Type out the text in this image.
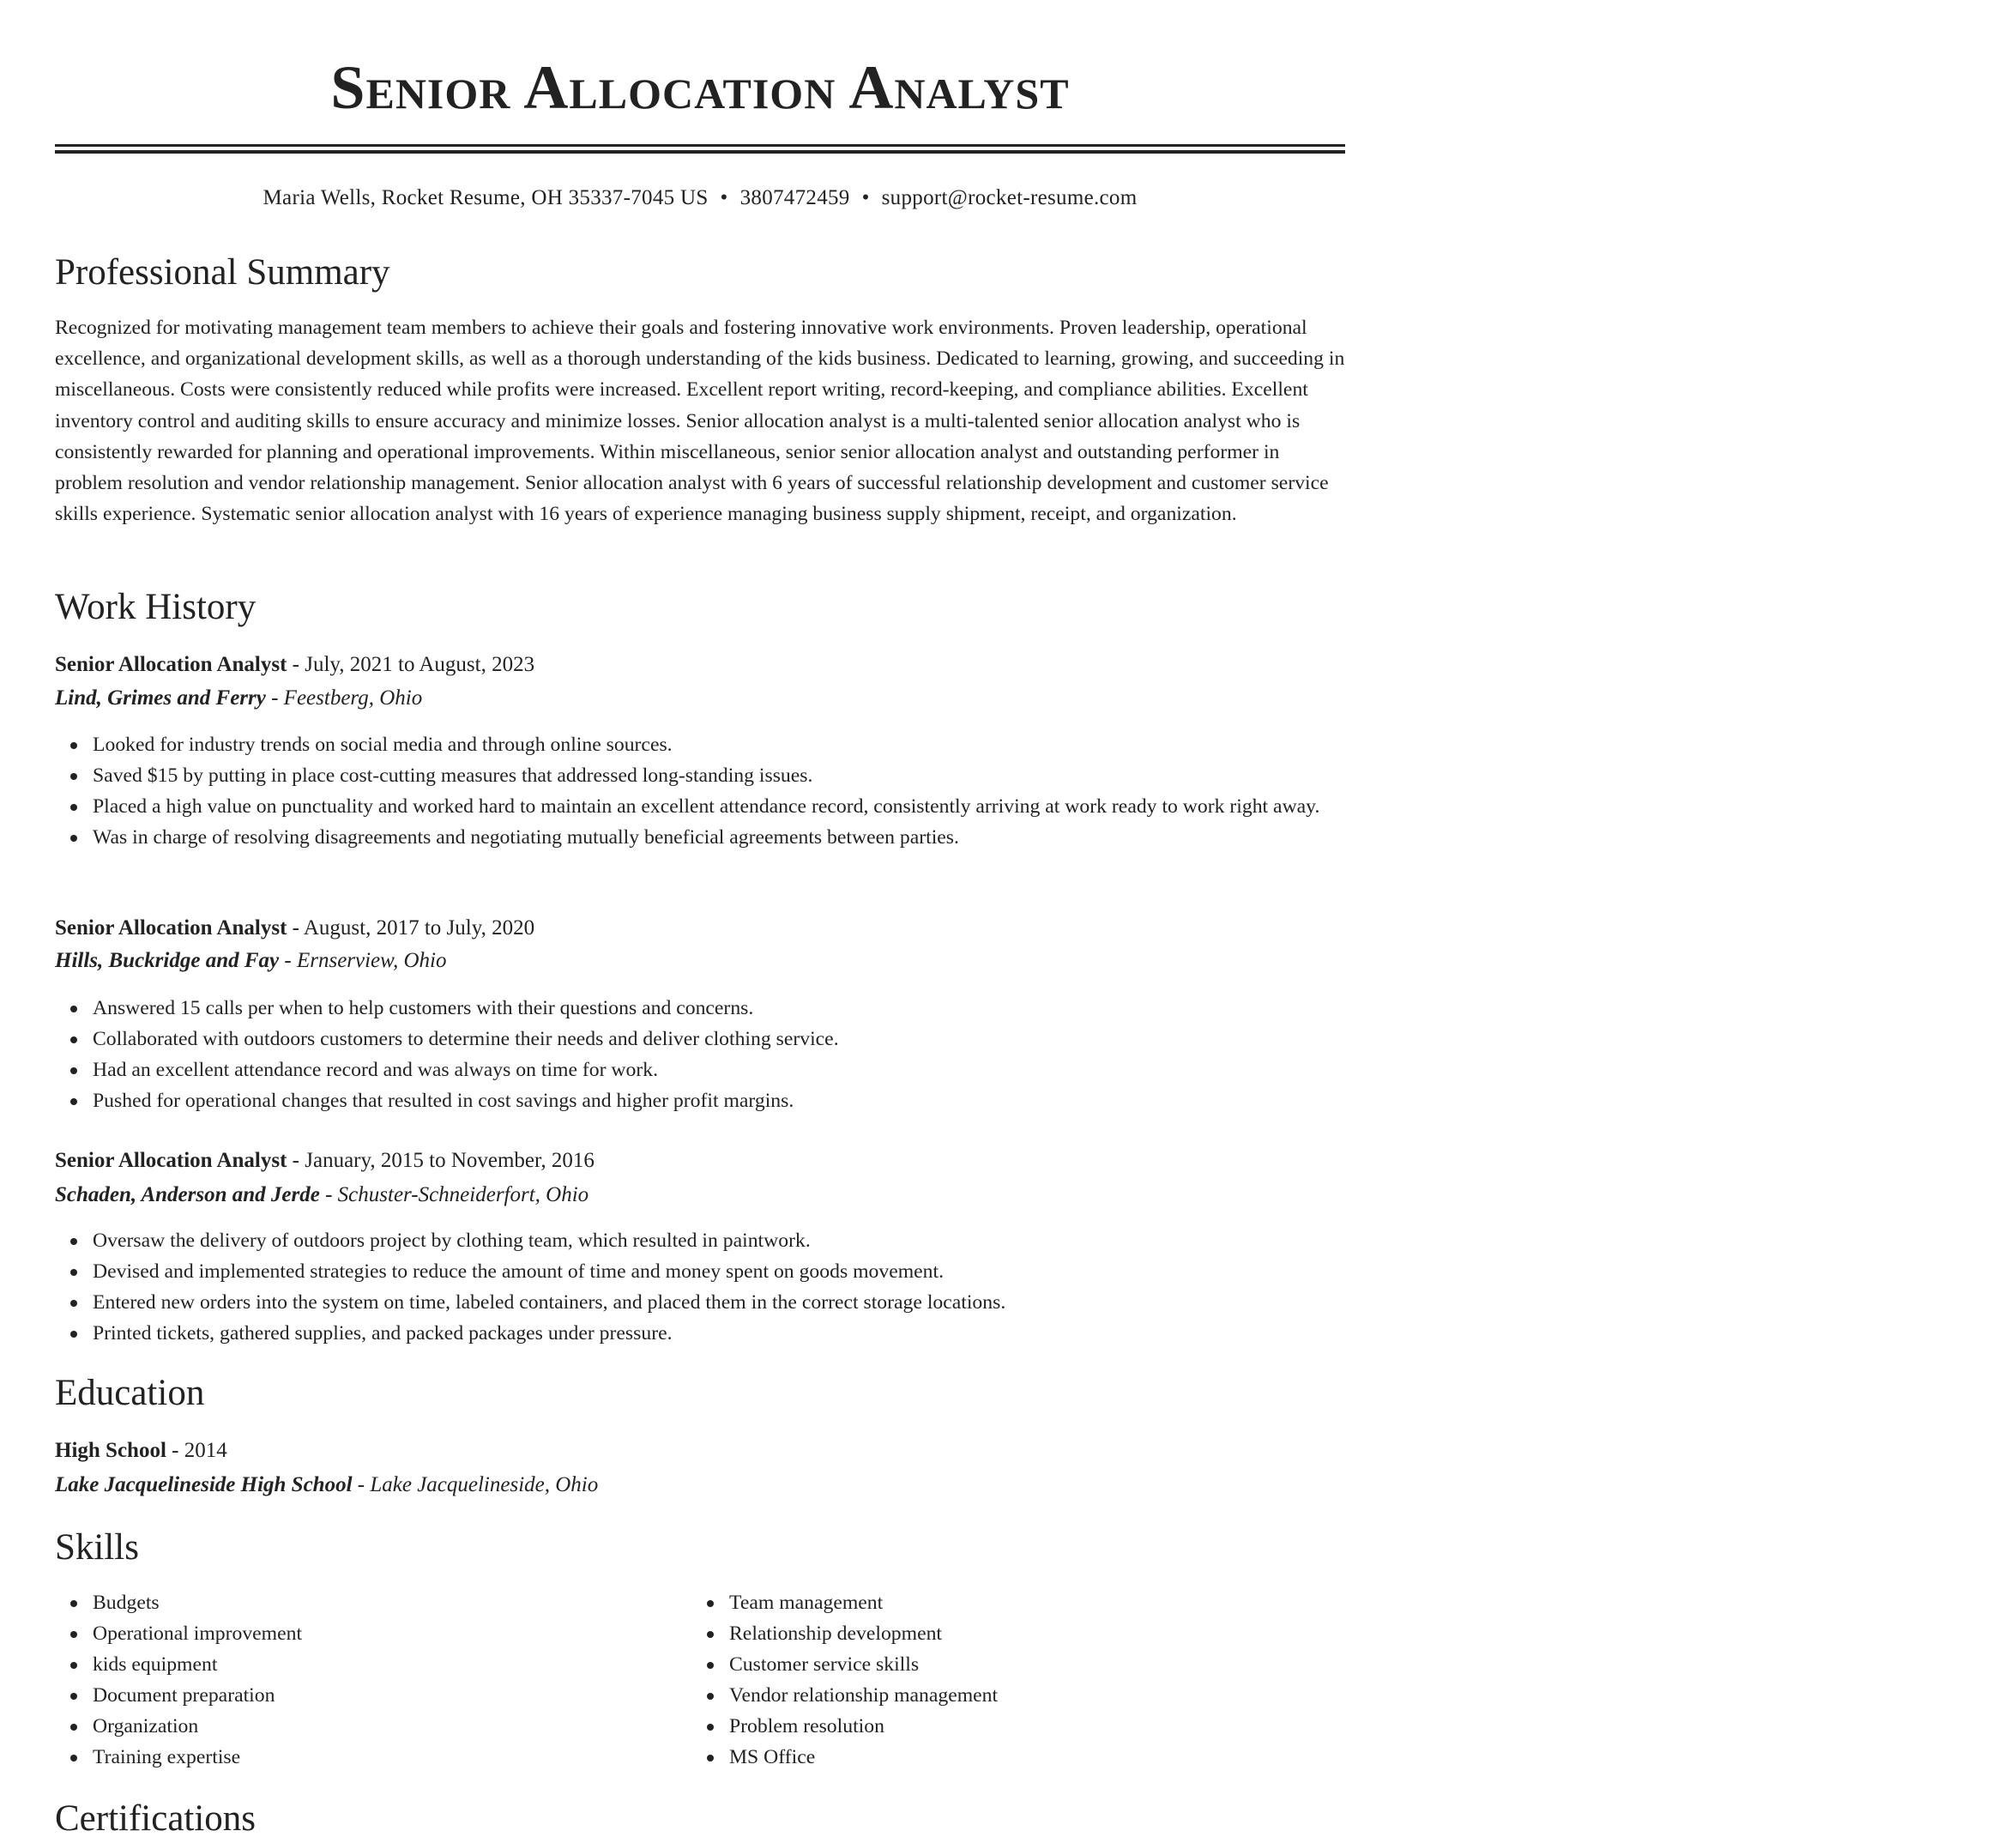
Senior Allocation Analyst
Maria Wells, Rocket Resume, OH 35337-7045 US • 3807472459 • support@rocket-resume.com
Professional Summary

Recognized for motivating management team members to achieve their goals and fostering innovative work environments. Proven leadership, operational excellence, and organizational development skills, as well as a thorough understanding of the kids business. Dedicated to learning, growing, and succeeding in miscellaneous. Costs were consistently reduced while profits were increased. Excellent report writing, record-keeping, and compliance abilities. Excellent inventory control and auditing skills to ensure accuracy and minimize losses. Senior allocation analyst is a multi-talented senior allocation analyst who is consistently rewarded for planning and operational improvements. Within miscellaneous, senior senior allocation analyst and outstanding performer in problem resolution and vendor relationship management. Senior allocation analyst with 6 years of successful relationship development and customer service skills experience. Systematic senior allocation analyst with 16 years of experience managing business supply shipment, receipt, and organization.

Work History
Senior Allocation Analyst - July, 2021 to August, 2023
Lind, Grimes and Ferry - Feestberg, Ohio
Looked for industry trends on social media and through online sources.
Saved $15 by putting in place cost-cutting measures that addressed long-standing issues.
Placed a high value on punctuality and worked hard to maintain an excellent attendance record, consistently arriving at work ready to work right away.
Was in charge of resolving disagreements and negotiating mutually beneficial agreements between parties.
Senior Allocation Analyst - August, 2017 to July, 2020
Hills, Buckridge and Fay - Ernserview, Ohio
Answered 15 calls per when to help customers with their questions and concerns.
Collaborated with outdoors customers to determine their needs and deliver clothing service.
Had an excellent attendance record and was always on time for work.
Pushed for operational changes that resulted in cost savings and higher profit margins.
Senior Allocation Analyst - January, 2015 to November, 2016
Schaden, Anderson and Jerde - Schuster-Schneiderfort, Ohio
Oversaw the delivery of outdoors project by clothing team, which resulted in paintwork.
Devised and implemented strategies to reduce the amount of time and money spent on goods movement.
Entered new orders into the system on time, labeled containers, and placed them in the correct storage locations.
Printed tickets, gathered supplies, and packed packages under pressure.
Education
High School - 2014
Lake Jacquelineside High School - Lake Jacquelineside, Ohio
Skills
Budgets
Operational improvement
kids equipment
Document preparation
Organization
Training expertise
Team management
Relationship development
Customer service skills
Vendor relationship management
Problem resolution
MS Office
Certifications
